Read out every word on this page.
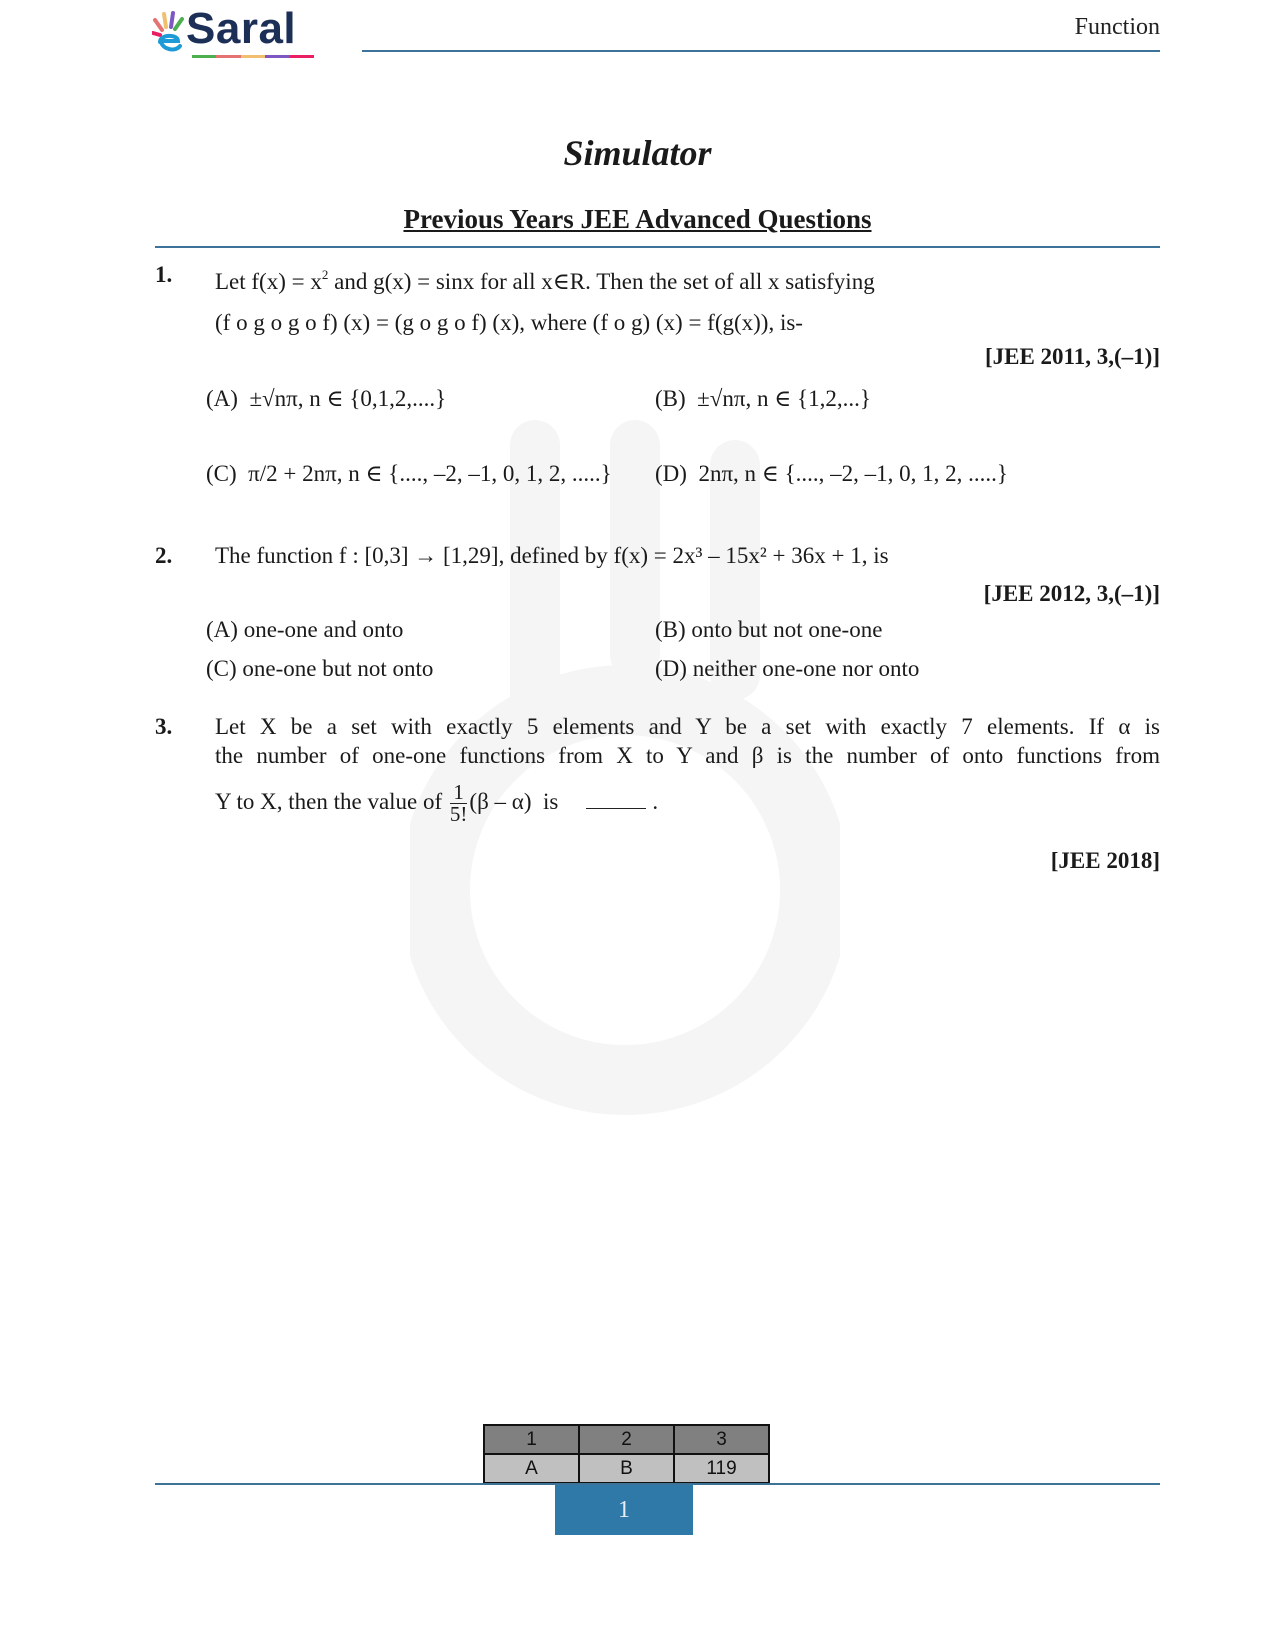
Saral	Function
Simulator
Previous Years JEE Advanced Questions
1. Let $f(x) = x^2$ and g(x) = sinx for all x∈R. Then the set of all x satisfying
(f o g o g o f) (x) = (g o g o f) (x), where (f o g) (x) = f(g(x)), is-
[JEE 2011, 3,(–1)]
(A) ±√nπ, n ∈ {0,1,2,....}	(B) ±√nπ, n ∈ {1,2,...}
(C) π/2 + 2nπ, n ∈ {...., –2, –1, 0, 1, 2, .....} (D) 2nπ, n ∈ {...., –2, –1, 0, 1, 2, .....}
2. The function f : [0,3] → [1,29], defined by f(x) = 2x³ – 15x² + 36x + 1, is
[JEE 2012, 3,(–1)]
(A) one-one and onto	(B) onto but not one-one
(C) one-one but not onto	(D) neither one-one nor onto
3. Let X be a set with exactly 5 elements and Y be a set with exactly 7 elements. If α is
the number of one-one functions from X to Y and β is the number of onto functions from
Y to X, then the value of $\frac{1}{5!} (\beta - \alpha)$ is	.
[JEE 2018]
1	2	3
A	B	119
1
